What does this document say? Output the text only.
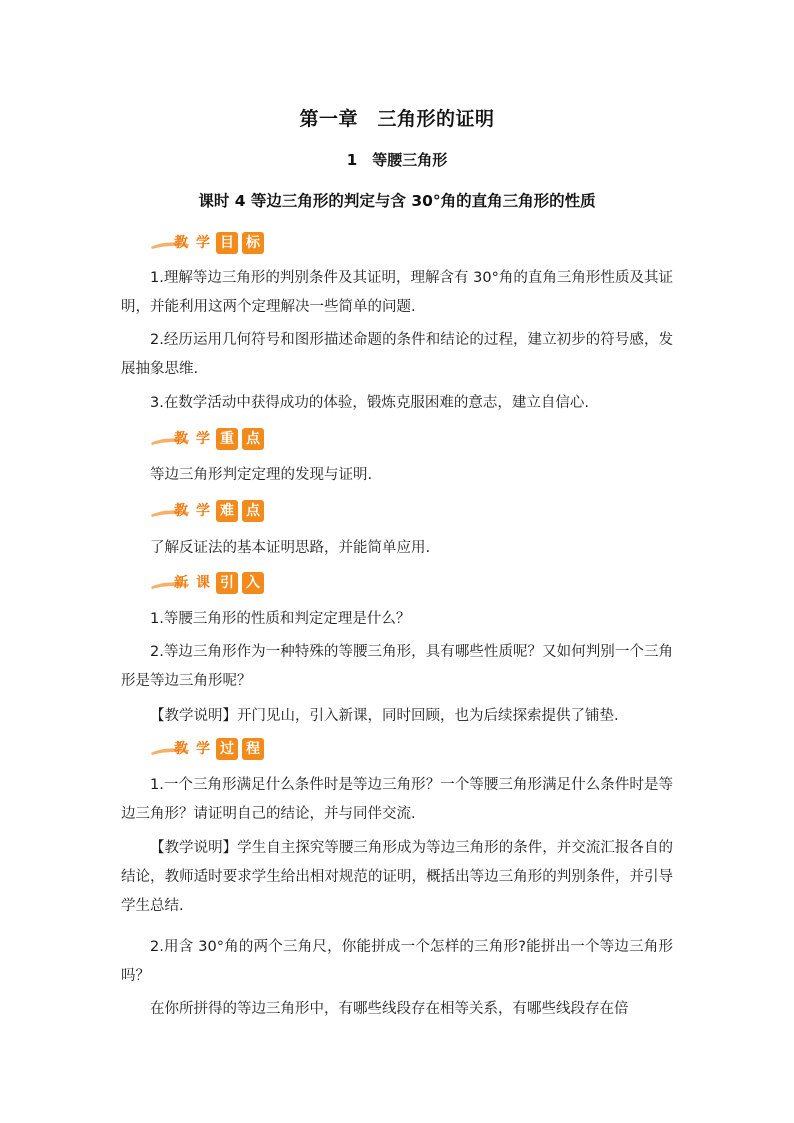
第一章　三角形的证明
1　等腰三角形
课时 4 等边三角形的判定与含 30°角的直角三角形的性质
教 学 目 标
1.理解等边三角形的判别条件及其证明，理解含有 30°角的直角三角形性质及其证明，并能利用这两个定理解决一些简单的问题.
2.经历运用几何符号和图形描述命题的条件和结论的过程，建立初步的符号感，发展抽象思维.
3.在数学活动中获得成功的体验，锻炼克服困难的意志，建立自信心.
教 学 重 点
等边三角形判定定理的发现与证明.
教 学 难 点
了解反证法的基本证明思路，并能简单应用.
新 课 引 入
1.等腰三角形的性质和判定定理是什么？
2.等边三角形作为一种特殊的等腰三角形，具有哪些性质呢？又如何判别一个三角形是等边三角形呢？
【教学说明】开门见山，引入新课，同时回顾，也为后续探索提供了铺垫.
教 学 过 程
1.一个三角形满足什么条件时是等边三角形？一个等腰三角形满足什么条件时是等边三角形？请证明自己的结论，并与同伴交流.
【教学说明】学生自主探究等腰三角形成为等边三角形的条件，并交流汇报各自的结论，教师适时要求学生给出相对规范的证明，概括出等边三角形的判别条件，并引导学生总结.
2.用含 30°角的两个三角尺，你能拼成一个怎样的三角形?能拼出一个等边三角形吗？
在你所拼得的等边三角形中，有哪些线段存在相等关系，有哪些线段存在倍
